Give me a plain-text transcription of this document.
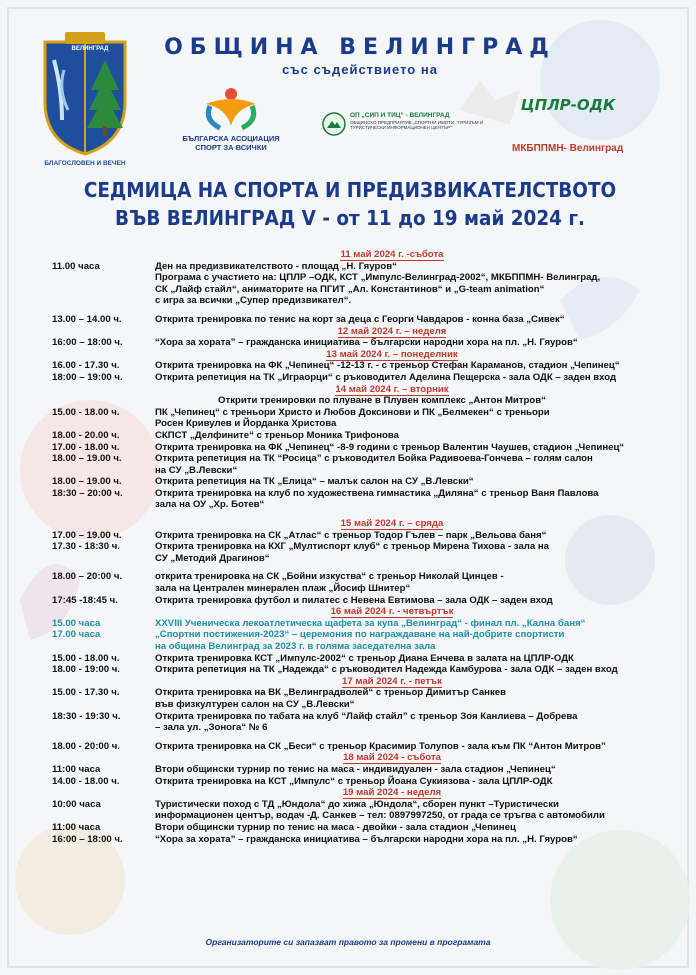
ВЕЛИНГРАД
БЛАГОСЛОВЕН И ВЕЧЕН
ОБЩИНА ВЕЛИНГРАД
със съдействието на
БЪЛГАРСКА АСОЦИАЦИЯ СПОРТ ЗА ВСИЧКИ
ОП „СИП И ТИЦ“ - ВЕЛИНГРАД
ОБЩИНСКО ПРЕДПРИЯТИЕ „СПОРТНИ ИМОТИ, ТУРИЗЪМ И ТУРИСТИЧЕСКИ ИНФОРМАЦИОНЕН ЦЕНТЪР“
ЦПЛР-ОДК
МКБППМН- Велинград
СЕДМИЦА НА СПОРТА И ПРЕДИЗВИКАТЕЛСТВОТО
ВЪВ ВЕЛИНГРАД V - от 11 до 19 май 2024 г.
11 май 2024 г. -събота
11.00 часа	Ден на предизвикателството - площад „Н. Гяуров“
Програма с участието на: ЦПЛР –ОДК, КСТ „Импулс-Велинград-2002“, МКБППМН- Велинград,
СК „Лайф стайл“, аниматорите на ПГИТ „Ал. Константинов“ и „G-team animation“
с игра за всички „Супер предизвикател“.
13.00 – 14.00 ч.	Открита тренировка по тенис на корт за деца с Георги Чавдаров - конна база „Сивек“
12 май 2024 г. – неделя
16:00 – 18:00 ч.	“Хора за хората” – гражданска инициатива – български народни хора на пл. „Н. Гяуров“
13 май 2024 г. – понеделник
16.00 - 17.30 ч.	Открита тренировка на ФК „Чепинец“ -12-13 г. - с треньор Стефан Караманов, стадион „Чепинец“
18:00 – 19:00 ч.	Открита репетиция на ТК „Играорци“ с ръководител Аделина Пещерска - зала ОДК – заден вход
14 май 2024 г. – вторник
Открити тренировки по плуване в Плувен комплекс „Антон Митров“
15.00 - 18.00 ч.	ПК „Чепинец“ с треньори Христо и Любов Доксинови и ПК „Белмекен“ с треньори
Росен Кривулев и Йорданка Христова
18.00 - 20.00 ч.	СКПСТ „Делфините“ с треньор Моника Трифонова
17.00 - 18.00 ч.	Открита тренировка на ФК „Чепинец“ -8-9 години с треньор Валентин Чаушев, стадион „Чепинец“
18.00 – 19.00 ч.	Открита репетиция на ТК “Росица” с ръководител Бойка Радивоева-Гончева – голям салон
на СУ „В.Левски“
18.00 – 19.00 ч.	Открита репетиция на ТК „Елица“ – малък салон на СУ „В.Левски“
18:30 – 20:00 ч.	Открита тренировка на клуб по художествена гимнастика „Диляна“ с треньор Ваня Павлова
зала на ОУ „Хр. Ботев“
15 май 2024 г. – сряда
17.00 – 19.00 ч.	Открита тренировка на СК „Атлас“ с треньор Тодор Гълев – парк „Вельова баня“
17.30 - 18:30 ч.	Открита тренировка на КХГ „Мултиспорт клуб“ с треньор Мирена Тихова - зала на
СУ „Методий Драгинов“
18.00 – 20:00 ч.	открита тренировка на СК „Бойни изкуства“ с треньор Николай Цинцев -
зала на Централен минерален плаж „Йосиф Шнитер“
17:45 -18:45 ч.	Открита тренировка футбол и пилатес с Невена Евтимова – зала ОДК – заден вход
16 май 2024 г. - четвъртък
15.00 часа	XXVIII Ученическа лекоатлетическа щафета за купа „Велинград“ - финал пл. „Кална баня“
17.00 часа	„Спортни постижения-2023“ – церемония по награждаване на най-добрите спортисти
на община Велинград за 2023 г. в голяма заседателна зала
15.00 - 18.00 ч.	Открита тренировка КСТ „Импулс-2002“ с треньор Диана Енчева в залата на ЦПЛР-ОДК
18.00 - 19:00 ч.	Открита репетиция на ТК „Надежда“ с ръководител Надежда Камбурова - зала ОДК – заден вход
17 май 2024 г. - петък
15.00 - 17.30 ч.	Открита тренировка на ВК „Велинградволей“ с треньор Димитър Санкев
във физкултурен салон на СУ „В.Левски“
18:30 - 19:30 ч.	Открита тренировка по табата на клуб “Лайф стайл” с треньор Зоя Канлиева – Добрева
– зала ул. „Зонога“ № 6
18.00 - 20:00 ч.	Открита тренировка на СК „Беси“ с треньор Красимир Толупов - зала към ПК “Антон Митров”
18 май 2024 - събота
11:00 часа	Втори общински турнир по тенис на маса - индивидуален - зала стадион „Чепинец“
14.00 - 18.00 ч.	Открита тренировка на КСТ „Импулс“ с треньор Йоана Сукиязова - зала ЦПЛР-ОДК
19 май 2024 - неделя
10:00 часа	Туристически поход с ТД „Юндола“ до хижа „Юндола“, сборен пункт –Туристически
информационен център, водач -Д. Санкев – тел: 0897997250, от града се тръгва с автомобили
11:00 часа	Втори общински турнир по тенис на маса - двойки - зала стадион „Чепинец
16:00 – 18:00 ч.	“Хора за хората” – гражданска инициатива – български народни хора на пл. „Н. Гяуров“
Организаторите си запазват правото за промени в програмата
